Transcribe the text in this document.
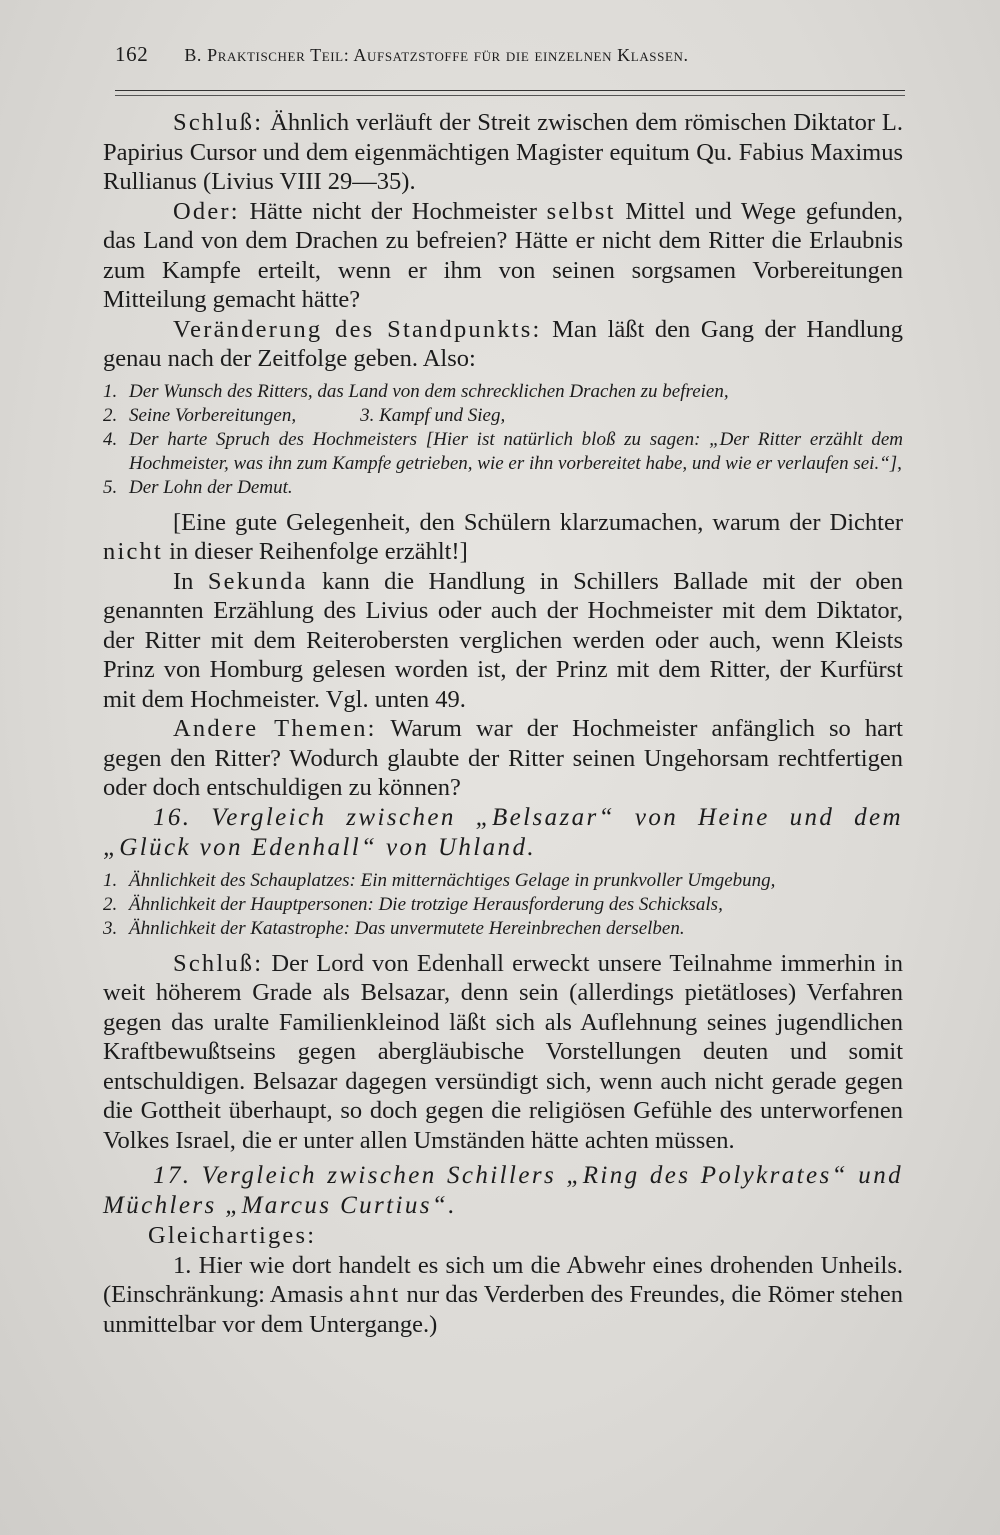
162 B. Praktischer Teil: Aufsatzstoffe für die einzelnen Klassen.

Schluß: Ähnlich verläuft der Streit zwischen dem römischen Diktator L. Papirius Cursor und dem eigenmächtigen Magister equitum Qu. Fabius Maximus Rullianus (Livius VIII 29—35).

Oder: Hätte nicht der Hochmeister selbst Mittel und Wege gefunden, das Land von dem Drachen zu befreien? Hätte er nicht dem Ritter die Erlaubnis zum Kampfe erteilt, wenn er ihm von seinen sorgsamen Vorbereitungen Mitteilung gemacht hätte?

Veränderung des Standpunkts: Man läßt den Gang der Handlung genau nach der Zeitfolge geben. Also:

1. Der Wunsch des Ritters, das Land von dem schrecklichen Drachen zu befreien,
2. Seine Vorbereitungen,	3. Kampf und Sieg,
4. Der harte Spruch des Hochmeisters [Hier ist natürlich bloß zu sagen: „Der Ritter erzählt dem Hochmeister, was ihn zum Kampfe getrieben, wie er ihn vorbereitet habe, und wie er verlaufen sei.“],
5. Der Lohn der Demut.

[Eine gute Gelegenheit, den Schülern klarzumachen, warum der Dichter nicht in dieser Reihenfolge erzählt!]

In Sekunda kann die Handlung in Schillers Ballade mit der oben genannten Erzählung des Livius oder auch der Hochmeister mit dem Diktator, der Ritter mit dem Reiterobersten verglichen werden oder auch, wenn Kleists Prinz von Homburg gelesen worden ist, der Prinz mit dem Ritter, der Kurfürst mit dem Hochmeister. Vgl. unten 49.

Andere Themen: Warum war der Hochmeister anfänglich so hart gegen den Ritter? Wodurch glaubte der Ritter seinen Ungehorsam rechtfertigen oder doch entschuldigen zu können?

16. Vergleich zwischen „Belsazar“ von Heine und dem „Glück von Edenhall“ von Uhland.

1. Ähnlichkeit des Schauplatzes: Ein mitternächtiges Gelage in prunkvoller Umgebung,
2. Ähnlichkeit der Hauptpersonen: Die trotzige Herausforderung des Schicksals,
3. Ähnlichkeit der Katastrophe: Das unvermutete Hereinbrechen derselben.

Schluß: Der Lord von Edenhall erweckt unsere Teilnahme immerhin in weit höherem Grade als Belsazar, denn sein (allerdings pietätloses) Verfahren gegen das uralte Familienkleinod läßt sich als Auflehnung seines jugendlichen Kraftbewußtseins gegen abergläubische Vorstellungen deuten und somit entschuldigen. Belsazar dagegen versündigt sich, wenn auch nicht gerade gegen die Gottheit überhaupt, so doch gegen die religiösen Gefühle des unterworfenen Volkes Israel, die er unter allen Umständen hätte achten müssen.

17. Vergleich zwischen Schillers „Ring des Polykrates“ und Müchlers „Marcus Curtius“.

Gleichartiges:

1. Hier wie dort handelt es sich um die Abwehr eines drohenden Unheils. (Einschränkung: Amasis ahnt nur das Verderben des Freundes, die Römer stehen unmittelbar vor dem Untergange.)
